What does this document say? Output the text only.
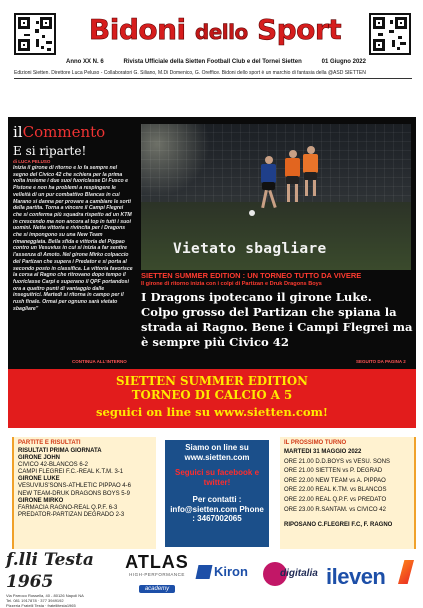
Bidoni dello Sport
Anno XX N. 6	Rivista Ufficiale della Sietten Football Club e del Tornei Sietten	01 Giugno 2022
Edizioni Sietten. Direttore Luca Peluso - Collaboratori G. Siliano, M.Di Domenico, G. Oreffice. Bidoni dello sport è un marchio di fantasia della @ASD SIETTEN
ilCommento
E si riparte!
di LUCA PELUSO
Inizia il girone di ritorno e lo fa sempre nel segno del Civico 42 che schiera per la prima volta insieme i due suoi fuoriclasse Di Fusco e Pistone e non ha problemi a respingere le velleità di un pur combattivo Blancas in cui Marano si danna per provare a cambiare le sorti della partita. Torna a vincere il Campi Flegrei che si conferma più squadra rispetto ad un KTM in crescendo ma non ancora al top in tutti i suoi uomini. Netta vittoria e rivincita per i Dragons che si impongono su una New Team rimaneggiata. Bella sfida e vittoria del Pippao contro un Vesuvius in cui si inizia a far sentire l'assenza di Amoto. Nel girone Mirko colpaccio del Partizan che supera i Predator e si porta al secondo posto in classifica. La vittoria favorisce la corsa al Ragno che ritrovano dopo tempo il fuoriclasse Carpi e superano il QPF portandosi ora a quattro punti di vantaggio dalle inseguitrici. Martedì si ritorna in campo per il rush finale. Ormai per ognuno sarà vietato sbagliare"
CONTINUA ALL'INTERNO
Vietato sbagliare
SIETTEN SUMMER EDITION : UN TORNEO TUTTO DA VIVERE
Il girone di ritorno inizia con i colpi di Partizan e Druk Dragons Boys
I Dragons ipotecano il girone Luke. Colpo grosso del Partizan che spiana la strada ai Ragno. Bene i Campi Flegrei ma è sempre più Civico 42
SEGUITO DA PAGINA 2
SIETTEN SUMMER EDITION
TORNEO DI CALCIO A 5
seguici on line su www.sietten.com!
PARTITE E RISULTATI
RISULTATI PRIMA GIORNATA
GIRONE JOHN
CIVICO 42-BLANCOS 6-2
CAMPI FLEGREI F.C.-REAL K.T.M. 3-1
GIRONE LUKE
VESUVIUS'SONS-ATHLETIC PIPPAO 4-6
NEW TEAM-DRUK DRAGONS BOYS 5-9
GIRONE MIRKO
FARMACIA RAGNO-REAL Q.P.F. 6-3
PREDATOR-PARTIZAN DEGRADO 2-3
Siamo on line su www.sietten.com
Seguici su facebook e twitter!
Per contatti : info@sietten.com Phone : 3467002065
IL PROSSIMO TURNO
MARTEDI 31 MAGGIO 2022
ORE 21.00 D.D.BOYS vs VESU. SONS
ORE 21.00 SIETTEN vs P. DEGRAD
ORE 22.00 NEW TEAM vs A. PIPPAO
ORE 22.00 REAL K.TM. vs BLANCOS
ORE 22.00 REAL Q.P.F. vs PREDATO
ORE 23.00 R.SANTAM. vs CIVICO 42
RIPOSANO C.FLEGREI F.C, F. RAGNO
f.lli Testa 1965
Via Parroco Rossella, 40 - 80126 Napoli NA
Tel. 081 1917878 · 377 3949192
Pizzeria Fratelli Testa · fratellitesta1965
ATLAS
HIGH-PERFORMANCE
academy
Kiron	digitalia ileven
